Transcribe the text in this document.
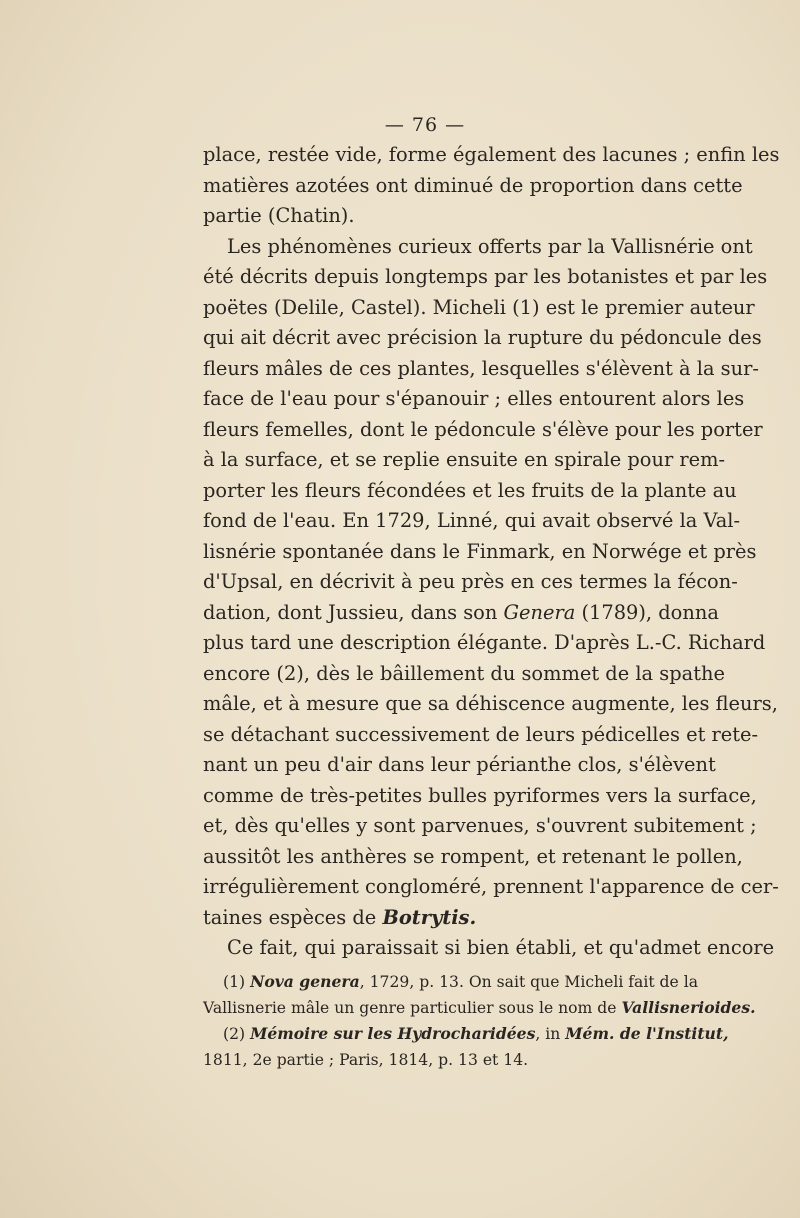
— 76 —
place, restée vide, forme également des lacunes ; enfin les
matières azotées ont diminué de proportion dans cette
partie (Chatin).
Les phénomènes curieux offerts par la Vallisnérie ont
été décrits depuis longtemps par les botanistes et par les
poëtes (Delile, Castel). Micheli (1) est le premier auteur
qui ait décrit avec précision la rupture du pédoncule des
fleurs mâles de ces plantes, lesquelles s'élèvent à la sur-
face de l'eau pour s'épanouir ; elles entourent alors les
fleurs femelles, dont le pédoncule s'élève pour les porter
à la surface, et se replie ensuite en spirale pour rem-
porter les fleurs fécondées et les fruits de la plante au
fond de l'eau. En 1729, Linné, qui avait observé la Val-
lisnérie spontanée dans le Finmark, en Norwége et près
d'Upsal, en décrivit à peu près en ces termes la fécon-
dation, dont Jussieu, dans son Genera (1789), donna
plus tard une description élégante. D'après L.-C. Richard
encore (2), dès le bâillement du sommet de la spathe
mâle, et à mesure que sa déhiscence augmente, les fleurs,
se détachant successivement de leurs pédicelles et rete-
nant un peu d'air dans leur périanthe clos, s'élèvent
comme de très-petites bulles pyriformes vers la surface,
et, dès qu'elles y sont parvenues, s'ouvrent subitement ;
aussitôt les anthères se rompent, et retenant le pollen,
irrégulièrement congloméré, prennent l'apparence de cer-
taines espèces de Botrytis.
Ce fait, qui paraissait si bien établi, et qu'admet encore
(1) Nova genera, 1729, p. 13. On sait que Micheli fait de la
Vallisnerie mâle un genre particulier sous le nom de Vallisnerioides.
(2) Mémoire sur les Hydrocharidées, in Mém. de l'Institut,
1811, 2e partie ; Paris, 1814, p. 13 et 14.
